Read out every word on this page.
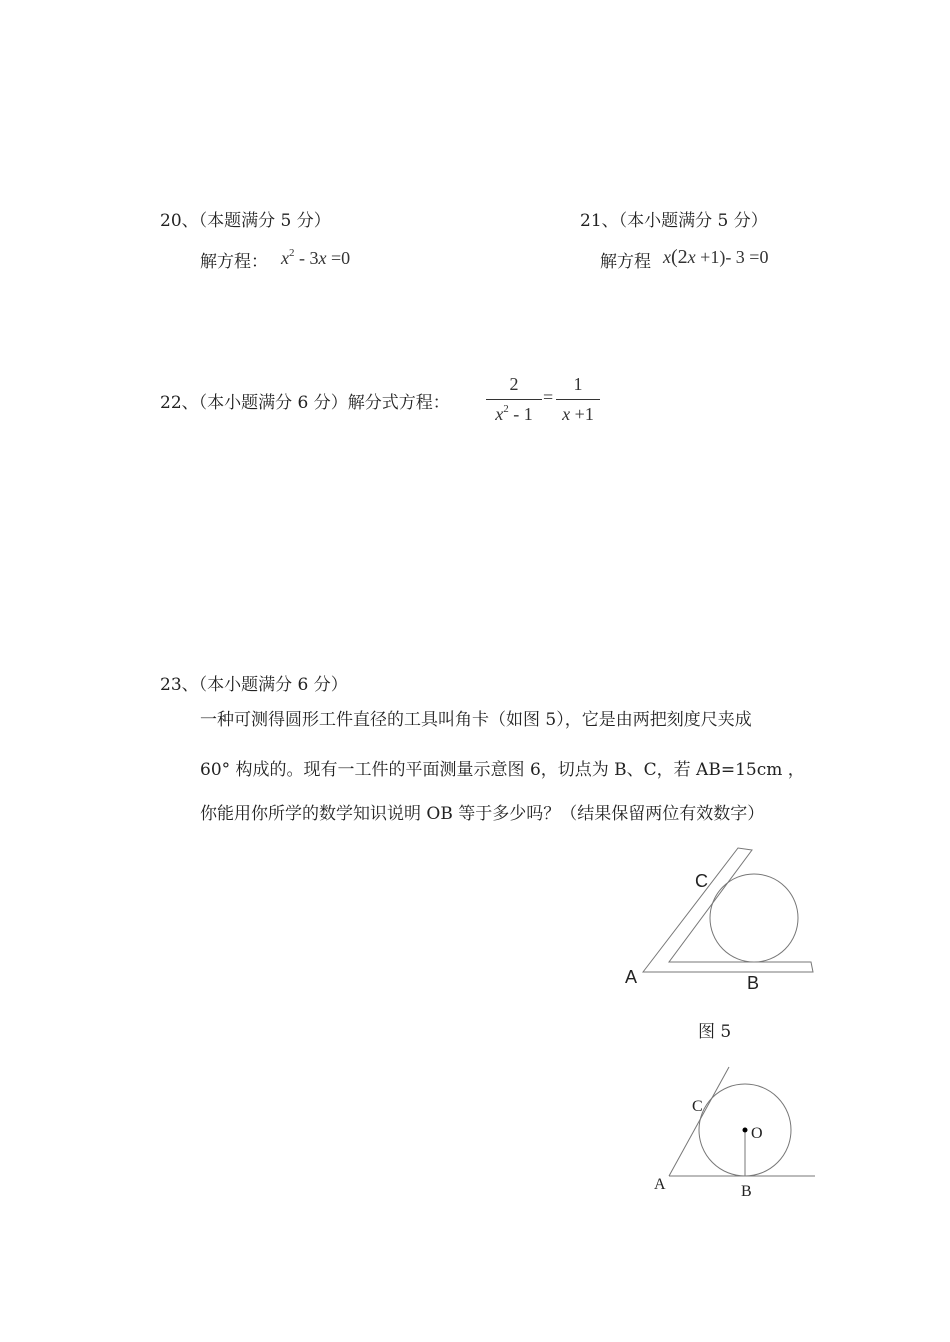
20、（本题满分 5 分）
解方程： $x^2 - 3x =0$
21、（本小题满分 5 分）
解方程 x(2x +1)- 3 =0
22、（本小题满分 6 分）解分式方程：
2
$x^2 - 1$
=
1
x +1
23、（本小题满分 6 分）
一种可测得圆形工件直径的工具叫角卡（如图 5），它是由两把刻度尺夹成
60° 构成的。现有一工件的平面测量示意图 6，切点为 B、C，若 AB=15cm ，
你能用你所学的数学知识说明 OB 等于多少吗？（结果保留两位有效数字）
C
A	B
图 5
C
O
A	B
